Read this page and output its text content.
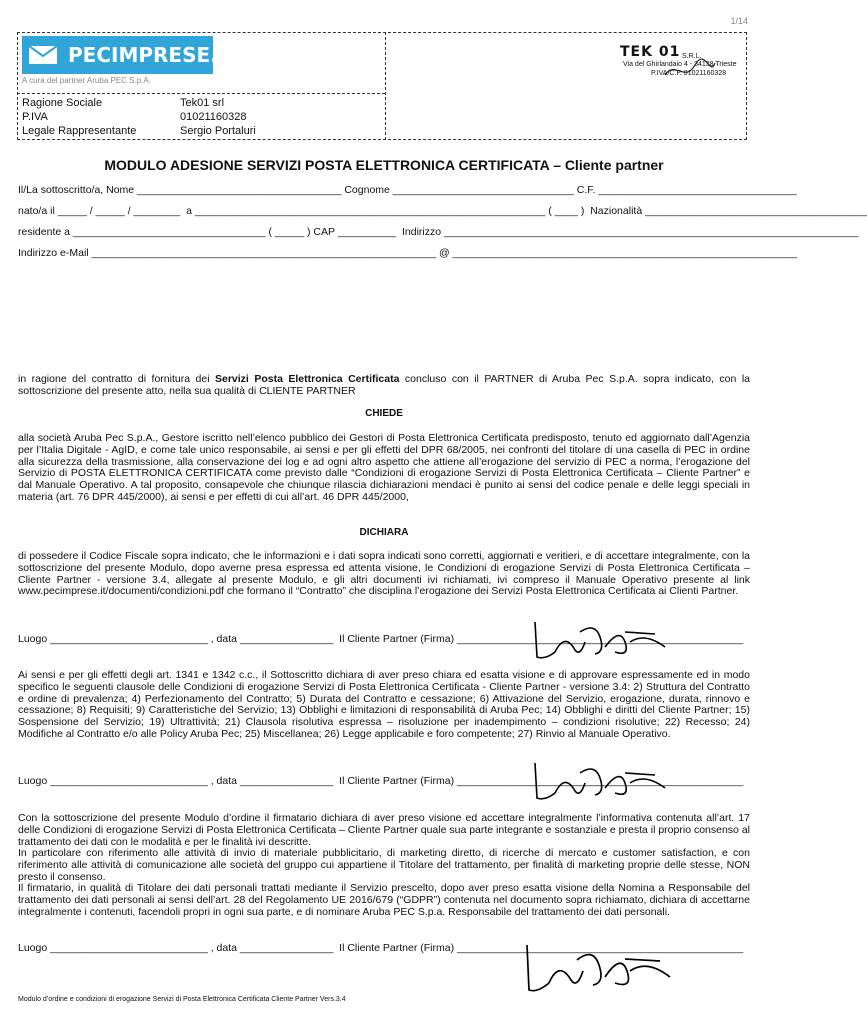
1/14
PECIMPRESE.IT
A cura del partner Aruba PEC S.p.A.
Ragione Sociale	Tek01 srl
P.IVA	01021160328
Legale Rappresentante	Sergio Portaluri
TEK 01 S.R.L.
Via del Ghirlandaio 4 - 34138 Trieste
P.IVA/C.F. 01021160328
MODULO ADESIONE SERVIZI POSTA ELETTRONICA CERTIFICATA – Cliente partner
Il/La sottoscritto/a, Nome ___________________________________ Cognome _______________________________ C.F. __________________________________
nato/a il _____ / _____ / ________  a ____________________________________________________________ ( ____ )  Nazionalità ______________________________________
residente a _________________________________ ( _____ ) CAP __________  Indirizzo _______________________________________________________________________
Indirizzo e-Mail ___________________________________________________________ @ ___________________________________________________________
in ragione del contratto di fornitura dei Servizi Posta Elettronica Certificata concluso con il PARTNER di Aruba Pec S.p.A. sopra indicato, con la sottoscrizione del presente atto, nella sua qualità di CLIENTE PARTNER
CHIEDE
alla società Aruba Pec S.p.A., Gestore iscritto nell’elenco pubblico dei Gestori di Posta Elettronica Certificata predisposto, tenuto ed aggiornato dall’Agenzia per l’Italia Digitale - AgID, e come tale unico responsabile, ai sensi e per gli effetti del DPR 68/2005, nei confronti del titolare di una casella di PEC in ordine alla sicurezza della trasmissione, alla conservazione dei log e ad ogni altro aspetto che attiene all’erogazione del servizio di PEC a norma, l’erogazione del Servizio di POSTA ELETTRONICA CERTIFICATA come previsto dalle “Condizioni di erogazione Servizi di Posta Elettronica Certificata – Cliente Partner” e dal Manuale Operativo. A tal proposito, consapevole che chiunque rilascia dichiarazioni mendaci è punito ai sensi del codice penale e delle leggi speciali in materia (art. 76 DPR 445/2000), ai sensi e per effetti di cui all’art. 46 DPR 445/2000,
DICHIARA
di possedere il Codice Fiscale sopra indicato, che le informazioni e i dati sopra indicati sono corretti, aggiornati e veritieri, e di accettare integralmente, con la sottoscrizione del presente Modulo, dopo averne presa espressa ed attenta visione, le Condizioni di erogazione Servizi di Posta Elettronica Certificata – Cliente Partner - versione 3.4, allegate al presente Modulo, e gli altri documenti ivi richiamati, ivi compreso il Manuale Operativo presente al link www.pecimprese.it/documenti/condizioni.pdf che formano il “Contratto” che disciplina l’erogazione dei Servizi Posta Elettronica Certificata ai Clienti Partner.
Luogo ___________________________ , data ________________  Il Cliente Partner (Firma) _________________________________________________
Ai sensi e per gli effetti degli art. 1341 e 1342 c.c., il Sottoscritto dichiara di aver preso chiara ed esatta visione e di approvare espressamente ed in modo specifico le seguenti clausole delle Condizioni di erogazione Servizi di Posta Elettronica Certificata - Cliente Partner - versione 3.4: 2) Struttura del Contratto e ordine di prevalenza; 4) Perfezionamento del Contratto; 5) Durata del Contratto e cessazione; 6) Attivazione del Servizio, erogazione, durata, rinnovo e cessazione; 8) Requisiti; 9) Caratteristiche del Servizio; 13) Obblighi e limitazioni di responsabilità di Aruba Pec; 14) Obblighi e diritti del Cliente Partner; 15) Sospensione del Servizio; 19) Ultrattività; 21) Clausola risolutiva espressa – risoluzione per inadempimento – condizioni risolutive; 22) Recesso; 24) Modifiche al Contratto e/o alle Policy Aruba Pec; 25) Miscellanea; 26) Legge applicabile e foro competente; 27) Rinvio al Manuale Operativo.
Luogo ___________________________ , data ________________  Il Cliente Partner (Firma) _________________________________________________
Con la sottoscrizione del presente Modulo d’ordine il firmatario dichiara di aver preso visione ed accettare integralmente l’informativa contenuta all’art. 17 delle Condizioni di erogazione Servizi di Posta Elettronica Certificata – Cliente Partner quale sua parte integrante e sostanziale e presta il proprio consenso al trattamento dei dati con le modalità e per le finalità ivi descritte.
In particolare con riferimento alle attività di invio di materiale pubblicitario, di marketing diretto, di ricerche di mercato e customer satisfaction, e con riferimento alle attività di comunicazione alle società del gruppo cui appartiene il Titolare del trattamento, per finalità di marketing proprie delle stesse, NON presto il consenso.
Il firmatario, in qualità di Titolare dei dati personali trattati mediante il Servizio prescelto, dopo aver preso esatta visione della Nomina a Responsabile del trattamento dei dati personali ai sensi dell’art. 28 del Regolamento UE 2016/679 (“GDPR”) contenuta nel documento sopra richiamato, dichiara di accettarne integralmente i contenuti, facendoli propri in ogni sua parte, e di nominare Aruba PEC S.p.a. Responsabile del trattamento dei dati personali.
Luogo ___________________________ , data ________________  Il Cliente Partner (Firma) _________________________________________________
Modulo d’ordine e condizioni di erogazione Servizi di Posta Elettronica Certificata Cliente Partner Vers.3.4
